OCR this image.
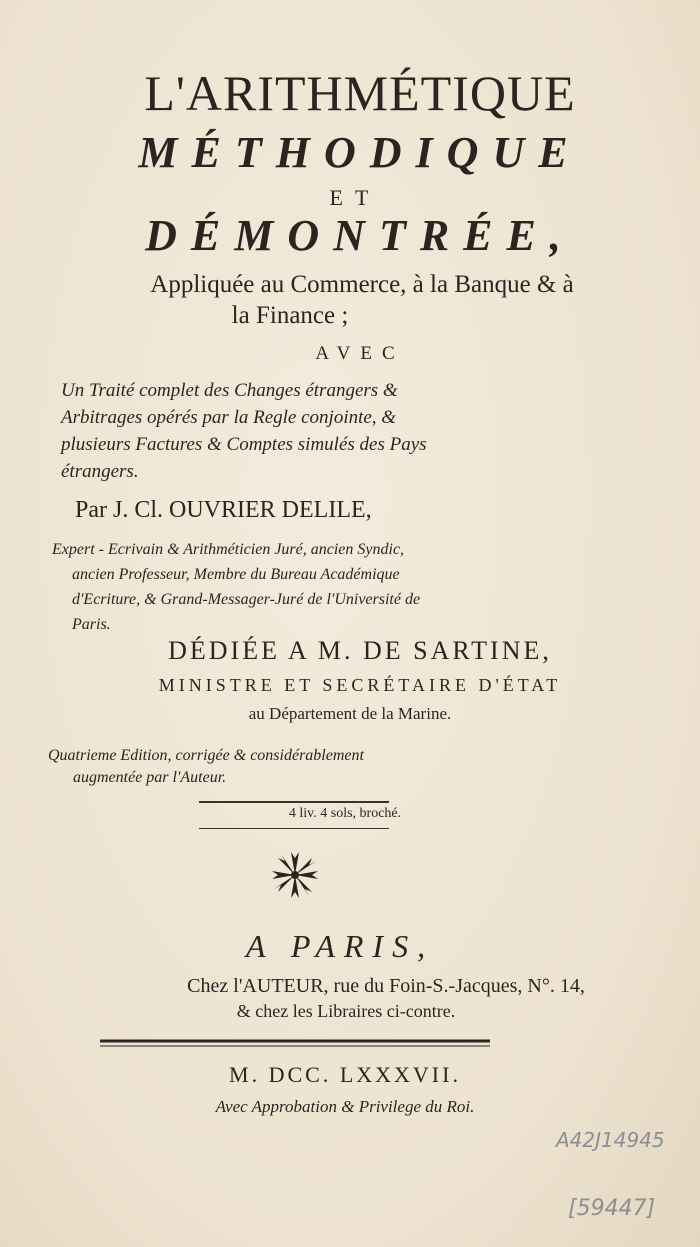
L'ARITHMÉTIQUE
MÉTHODIQUE
ET
DÉMONTRÉE,
Appliquée au Commerce, à la Banque & à
la Finance ;
AVEC
Un Traité complet des Changes étrangers &
Arbitrages opérés par la Regle conjointe, &
plusieurs Factures & Comptes simulés des Pays
étrangers.
Par J. Cl. OUVRIER DELILE,
Expert - Ecrivain & Arithméticien Juré, ancien Syndic,
ancien Professeur, Membre du Bureau Académique
d'Ecriture, & Grand-Messager-Juré de l'Université de
Paris.
DÉDIÉE A M. DE SARTINE,
MINISTRE ET SECRÉTAIRE D'ÉTAT
au Département de la Marine.
Quatrieme Edition, corrigée & considérablement
augmentée par l'Auteur.
4 liv. 4 sols, broché.
A PARIS,
Chez l'AUTEUR, rue du Foin-S.-Jacques, N°. 14,
& chez les Libraires ci-contre.
M. DCC. LXXXVII.
Avec Approbation & Privilege du Roi.
A42J14945
[59447]
